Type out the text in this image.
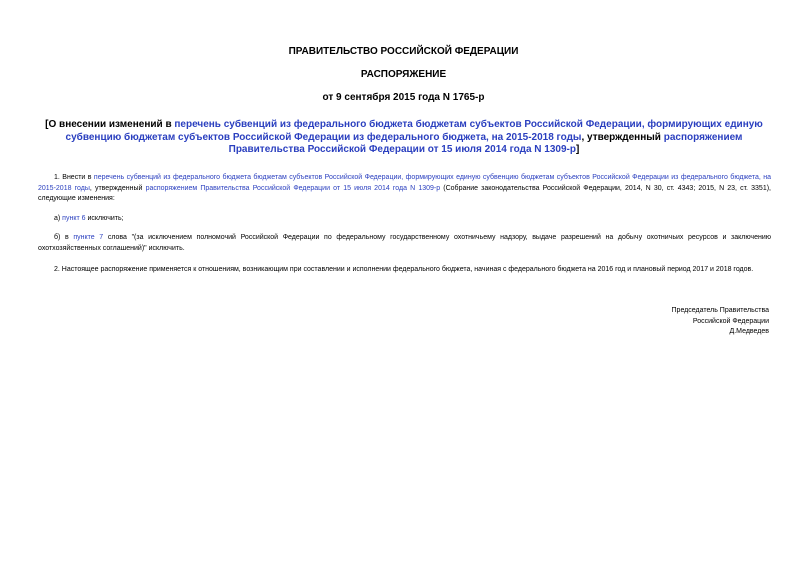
ПРАВИТЕЛЬСТВО РОССИЙСКОЙ ФЕДЕРАЦИИ
РАСПОРЯЖЕНИЕ
от 9 сентября 2015 года N 1765-р
[О внесении изменений в перечень субвенций из федерального бюджета бюджетам субъектов Российской Федерации, формирующих единую субвенцию бюджетам субъектов Российской Федерации из федерального бюджета, на 2015-2018 годы, утвержденный распоряжением Правительства Российской Федерации от 15 июля 2014 года N 1309-р]
1. Внести в перечень субвенций из федерального бюджета бюджетам субъектов Российской Федерации, формирующих единую субвенцию бюджетам субъектов Российской Федерации из федерального бюджета, на 2015-2018 годы, утвержденный распоряжением Правительства Российской Федерации от 15 июля 2014 года N 1309-р (Собрание законодательства Российской Федерации, 2014, N 30, ст. 4343; 2015, N 23, ст. 3351), следующие изменения:
а) пункт 6 исключить;
б) в пункте 7 слова "(за исключением полномочий Российской Федерации по федеральному государственному охотничьему надзору, выдаче разрешений на добычу охотничьих ресурсов и заключению охотхозяйственных соглашений)" исключить.
2. Настоящее распоряжение применяется к отношениям, возникающим при составлении и исполнении федерального бюджета, начиная с федерального бюджета на 2016 год и плановый период 2017 и 2018 годов.
Председатель Правительства
Российской Федерации
Д.Медведев
